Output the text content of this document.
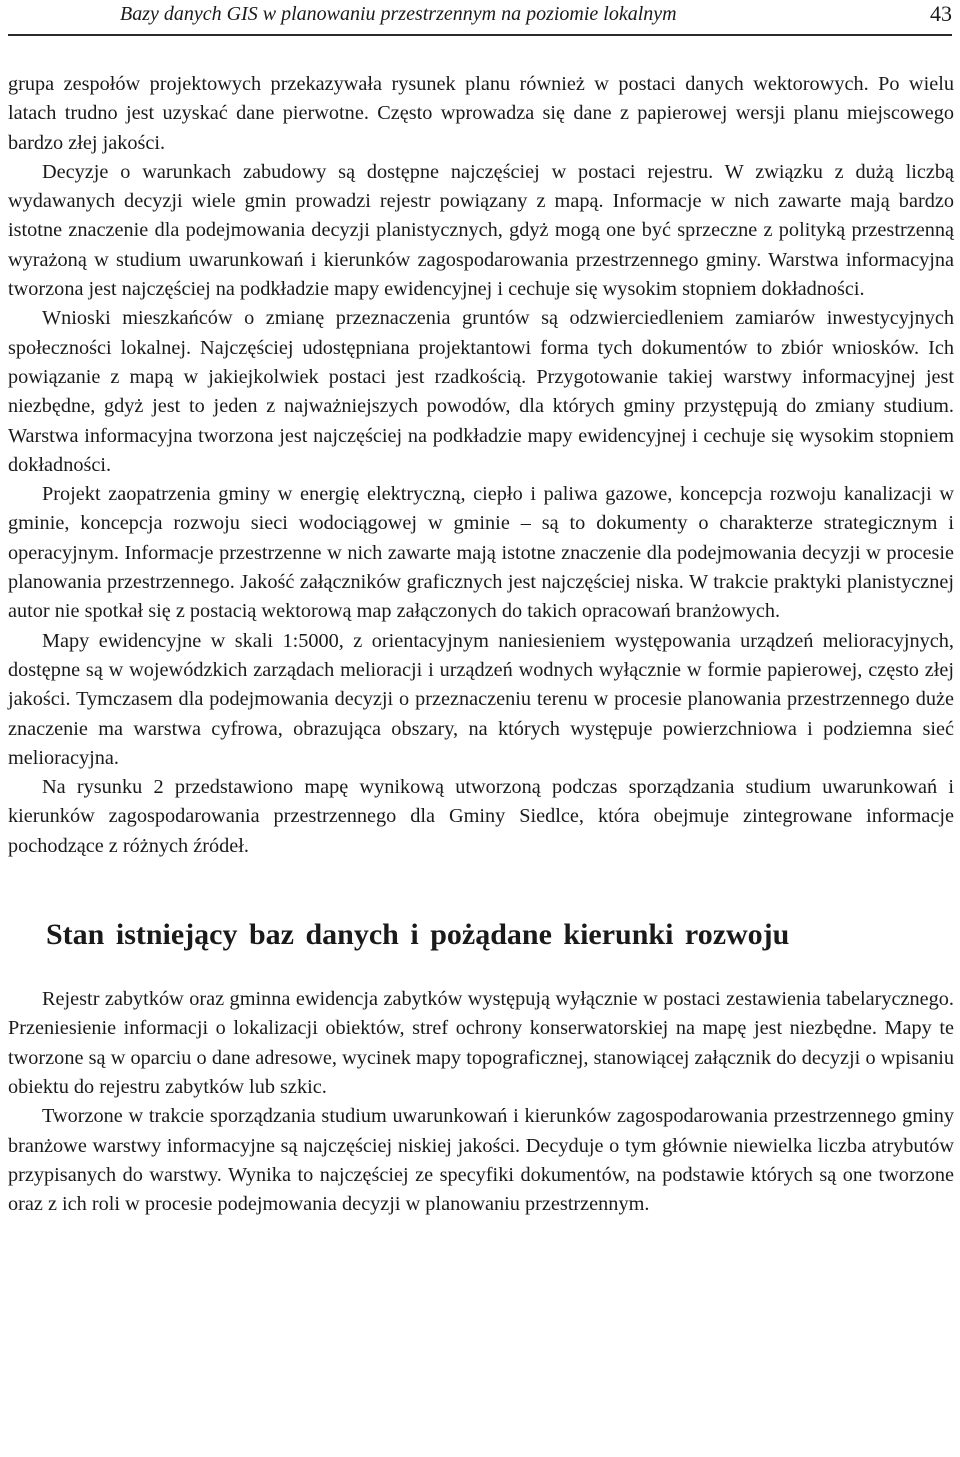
Bazy danych GIS w planowaniu przestrzennym na poziomie lokalnym	43

grupa zespołów projektowych przekazywała rysunek planu również w postaci danych wektorowych. Po wielu latach trudno jest uzyskać dane pierwotne. Często wprowadza się dane z papierowej wersji planu miejscowego bardzo złej jakości.

Decyzje o warunkach zabudowy są dostępne najczęściej w postaci rejestru. W związku z dużą liczbą wydawanych decyzji wiele gmin prowadzi rejestr powiązany z mapą. Informacje w nich zawarte mają bardzo istotne znaczenie dla podejmowania decyzji planistycznych, gdyż mogą one być sprzeczne z polityką przestrzenną wyrażoną w studium uwarunkowań i kierunków zagospodarowania przestrzennego gminy. Warstwa informacyjna tworzona jest najczęściej na podkładzie mapy ewidencyjnej i cechuje się wysokim stopniem dokładności.

Wnioski mieszkańców o zmianę przeznaczenia gruntów są odzwierciedleniem zamiarów inwestycyjnych społeczności lokalnej. Najczęściej udostępniana projektantowi forma tych dokumentów to zbiór wniosków. Ich powiązanie z mapą w jakiejkolwiek postaci jest rzadkością. Przygotowanie takiej warstwy informacyjnej jest niezbędne, gdyż jest to jeden z najważniejszych powodów, dla których gminy przystępują do zmiany studium. Warstwa informacyjna tworzona jest najczęściej na podkładzie mapy ewidencyjnej i cechuje się wysokim stopniem dokładności.

Projekt zaopatrzenia gminy w energię elektryczną, ciepło i paliwa gazowe, koncepcja rozwoju kanalizacji w gminie, koncepcja rozwoju sieci wodociągowej w gminie – są to dokumenty o charakterze strategicznym i operacyjnym. Informacje przestrzenne w nich zawarte mają istotne znaczenie dla podejmowania decyzji w procesie planowania przestrzennego. Jakość załączników graficznych jest najczęściej niska. W trakcie praktyki planistycznej autor nie spotkał się z postacią wektorową map załączonych do takich opracowań branżowych.

Mapy ewidencyjne w skali 1:5000, z orientacyjnym naniesieniem występowania urządzeń melioracyjnych, dostępne są w wojewódzkich zarządach melioracji i urządzeń wodnych wyłącznie w formie papierowej, często złej jakości. Tymczasem dla podejmowania decyzji o przeznaczeniu terenu w procesie planowania przestrzennego duże znaczenie ma warstwa cyfrowa, obrazująca obszary, na których występuje powierzchniowa i podziemna sieć melioracyjna.

Na rysunku 2 przedstawiono mapę wynikową utworzoną podczas sporządzania studium uwarunkowań i kierunków zagospodarowania przestrzennego dla Gminy Siedlce, która obejmuje zintegrowane informacje pochodzące z różnych źródeł.

Stan istniejący baz danych i pożądane kierunki rozwoju

Rejestr zabytków oraz gminna ewidencja zabytków występują wyłącznie w postaci zestawienia tabelarycznego. Przeniesienie informacji o lokalizacji obiektów, stref ochrony konserwatorskiej na mapę jest niezbędne. Mapy te tworzone są w oparciu o dane adresowe, wycinek mapy topograficznej, stanowiącej załącznik do decyzji o wpisaniu obiektu do rejestru zabytków lub szkic.

Tworzone w trakcie sporządzania studium uwarunkowań i kierunków zagospodarowania przestrzennego gminy branżowe warstwy informacyjne są najczęściej niskiej jakości. Decyduje o tym głównie niewielka liczba atrybutów przypisanych do warstwy. Wynika to najczęściej ze specyfiki dokumentów, na podstawie których są one tworzone oraz z ich roli w procesie podejmowania decyzji w planowaniu przestrzennym.
